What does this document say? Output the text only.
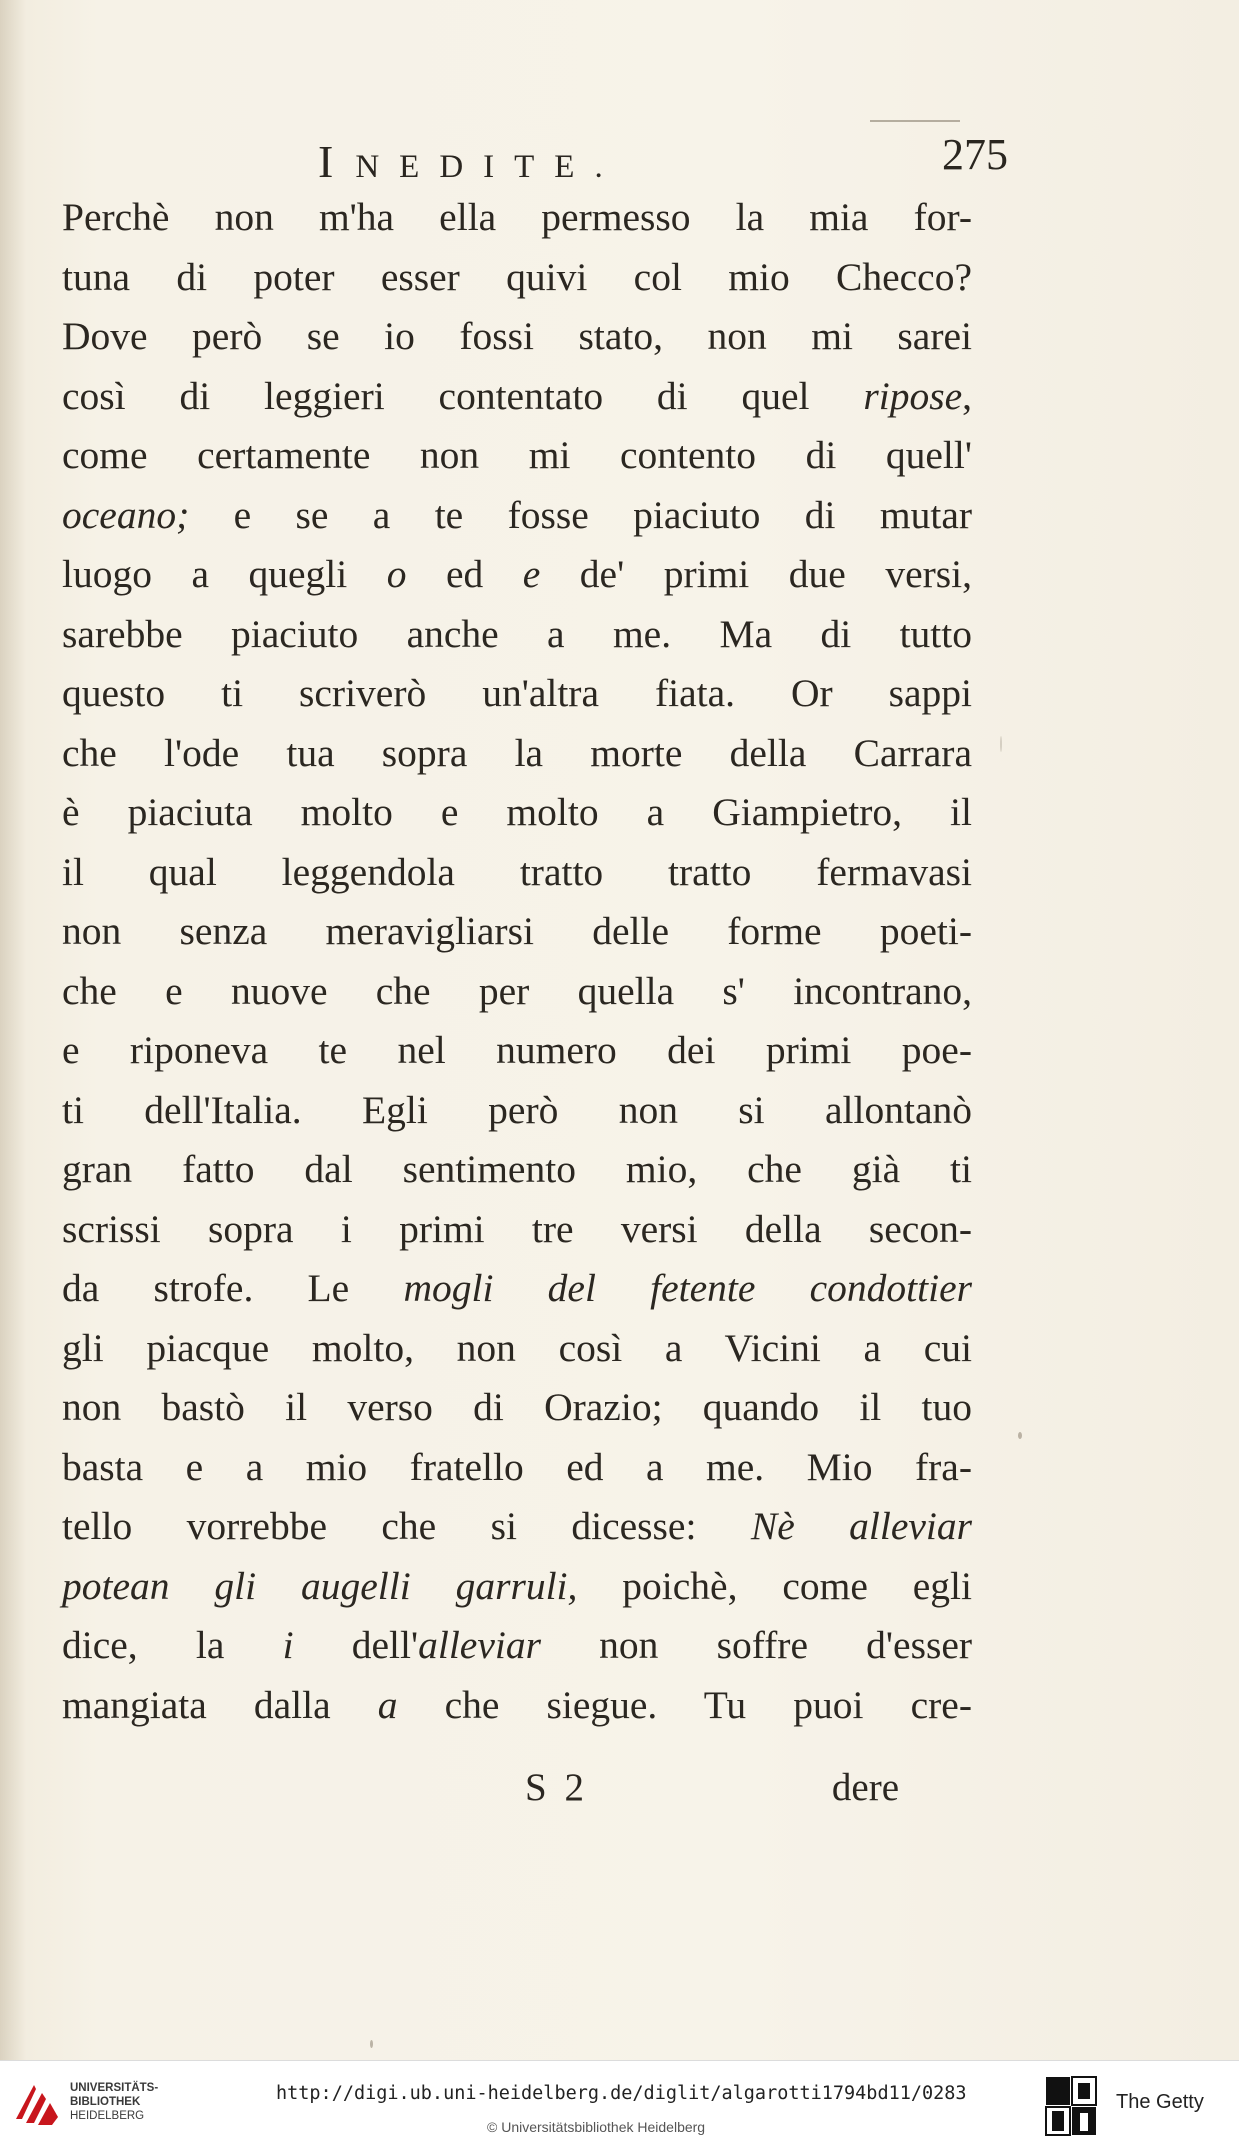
INEDITE.	275
Perchè non m'ha ella permesso la mia for-
tuna di poter esser quivi col mio Checco?
Dove però se io fossi stato, non mi sarei
così di leggieri contentato di quel ripose,
come certamente non mi contento di quell'
oceano; e se a te fosse piaciuto di mutar
luogo a quegli o ed e de' primi due versi,
sarebbe piaciuto anche a me. Ma di tutto
questo ti scriverò un'altra fiata. Or sappi
che l'ode tua sopra la morte della Carrara
è piaciuta molto e molto a Giampietro, il
il qual leggendola tratto tratto fermavasi
non senza meravigliarsi delle forme poeti-
che e nuove che per quella s' incontrano,
e riponeva te nel numero dei primi poe-
ti dell'Italia. Egli però non si allontanò
gran fatto dal sentimento mio, che già ti
scrissi sopra i primi tre versi della secon-
da strofe. Le mogli del fetente condottier
gli piacque molto, non così a Vicini a cui
non bastò il verso di Orazio; quando il tuo
basta e a mio fratello ed a me. Mio fra-
tello vorrebbe che si dicesse: Nè alleviar
potean gli augelli garruli, poichè, come egli
dice, la i dell'alleviar non soffre d'esser
mangiata dalla a che siegue. Tu puoi cre-
S 2	dere
UNIVERSITÄTS-
BIBLIOTHEK
HEIDELBERG
http://digi.ub.uni-heidelberg.de/diglit/algarotti1794bd11/0283
© Universitätsbibliothek Heidelberg
The Getty
